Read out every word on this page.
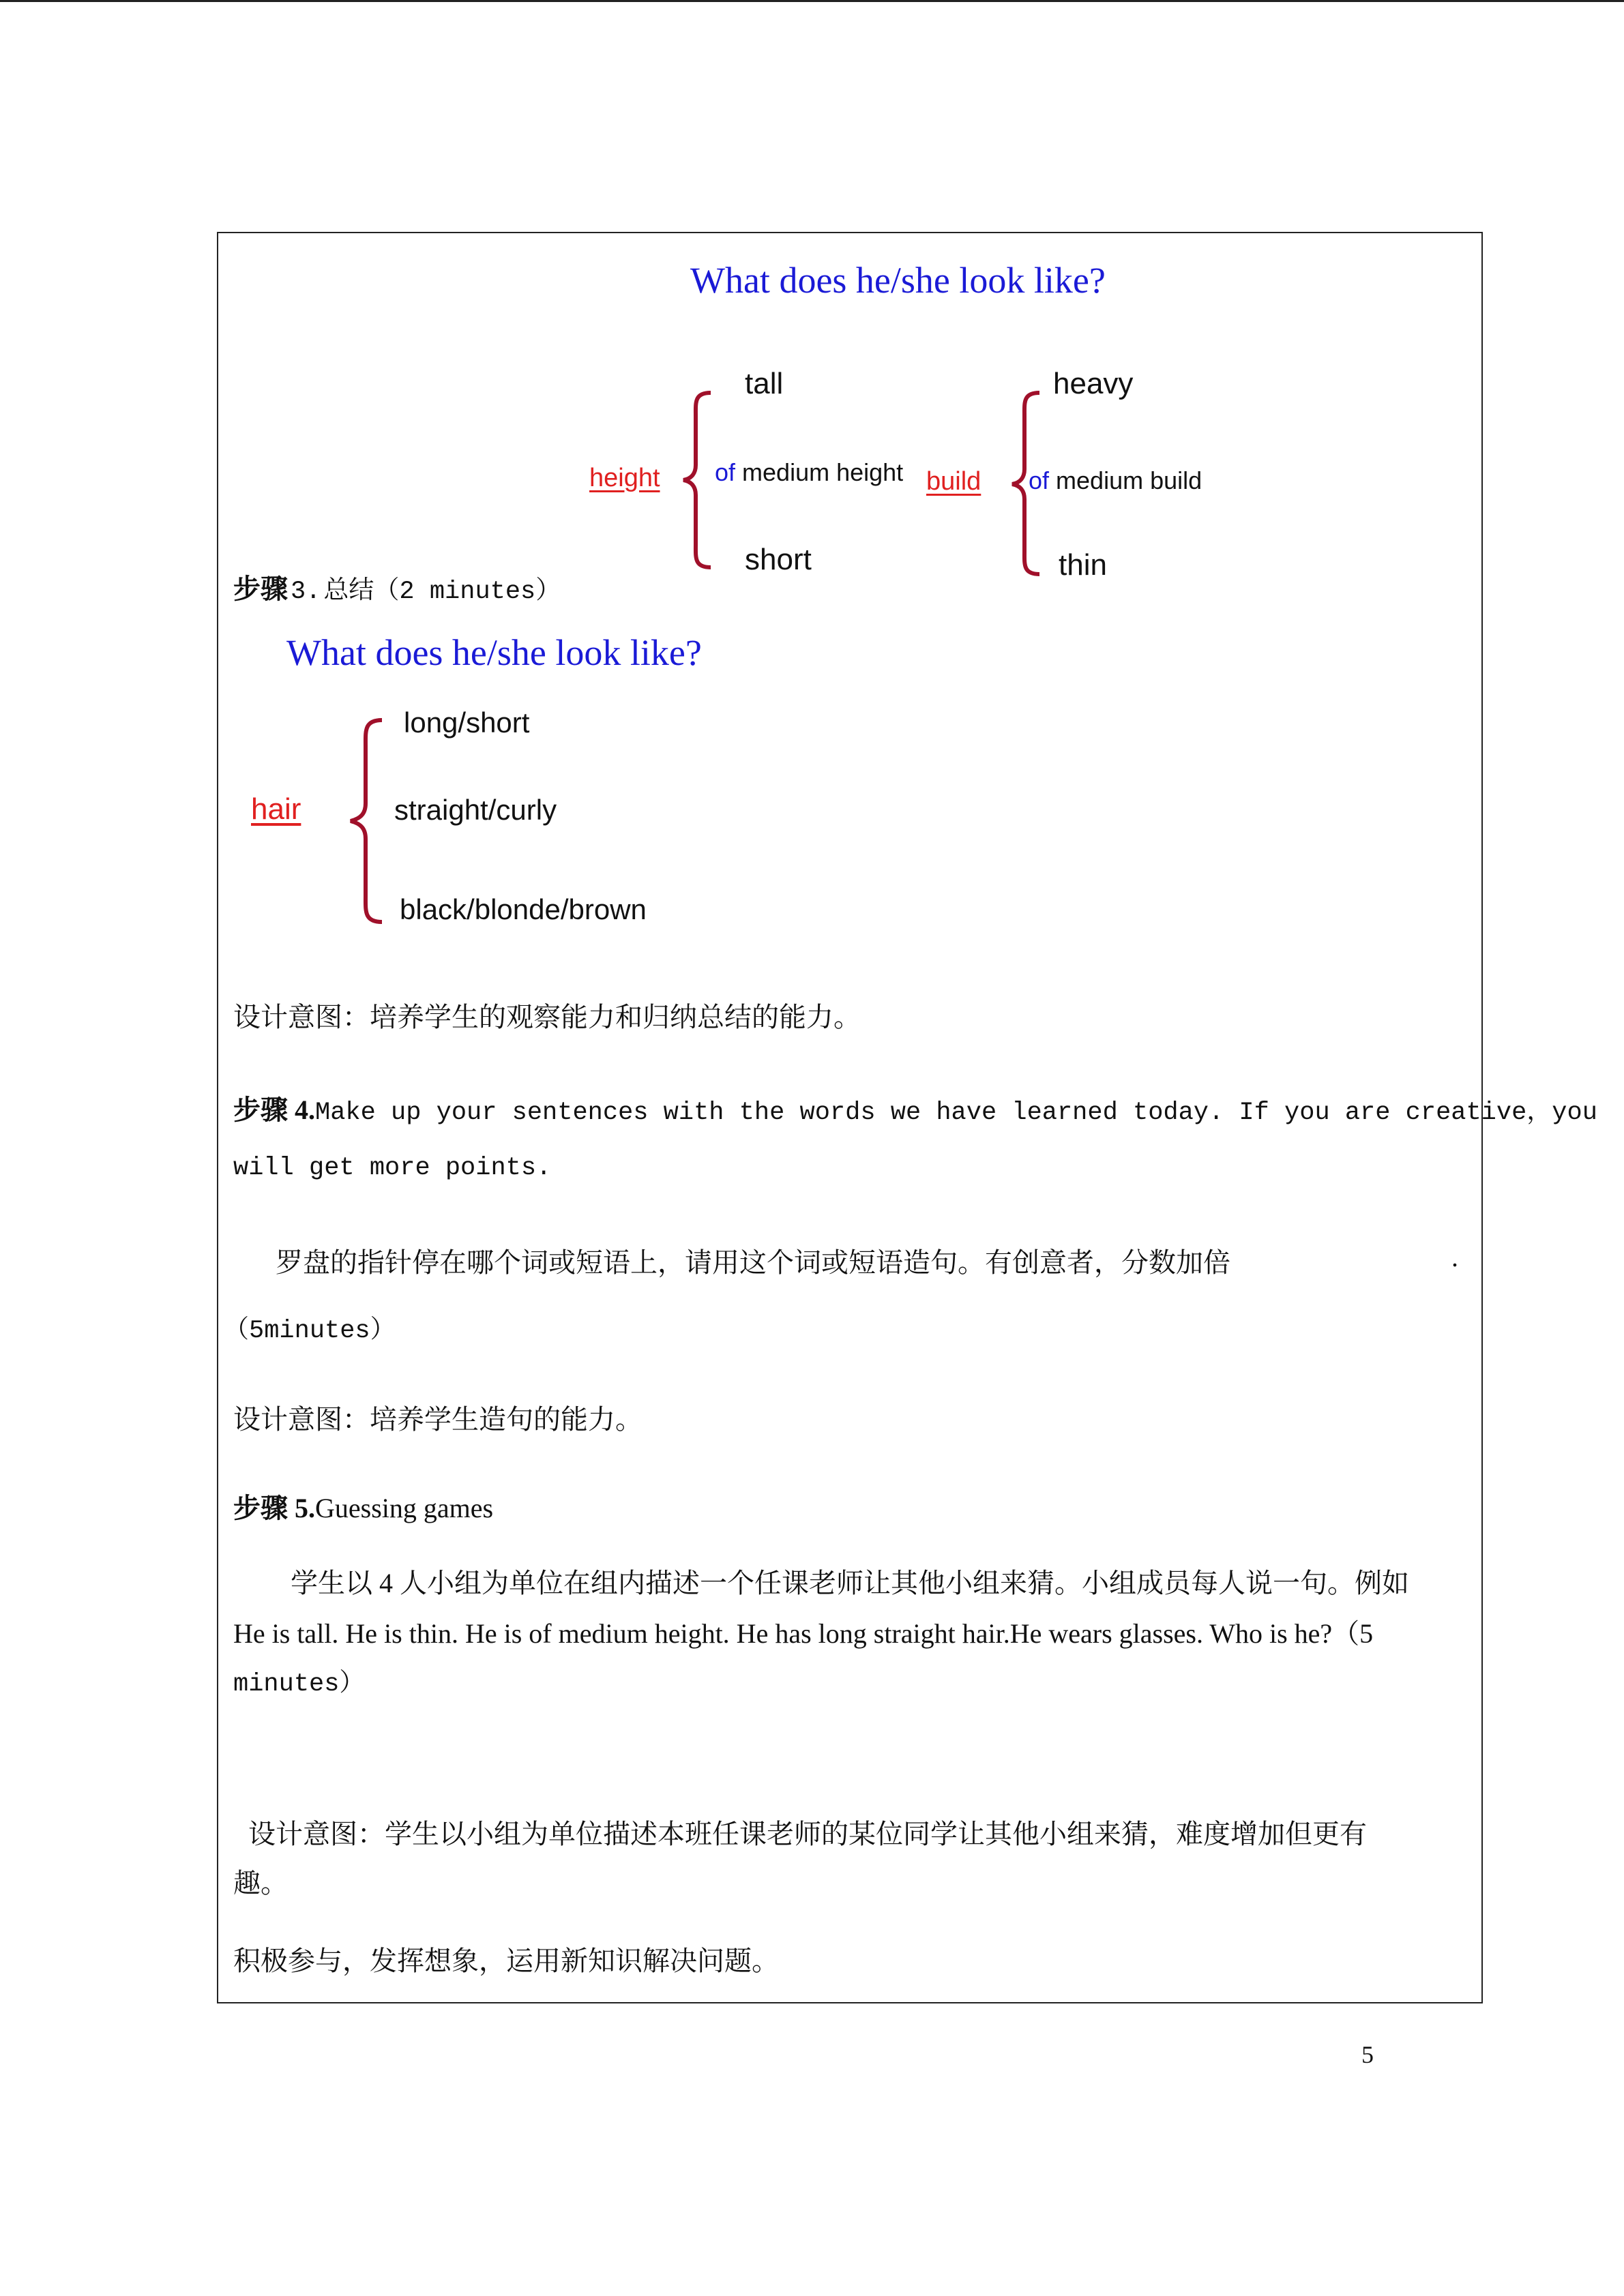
What does he/she look like?
height
tall
of medium height
short
build
heavy
of medium build
thin
步骤 3. 总结（2 minutes）
What does he/she look like?
hair
long/short
straight/curly
black/blonde/brown
设计意图：培养学生的观察能力和归纳总结的能力。
步骤 4.Make up your sentences with the words we have learned today. If you are creative，you
will get more points.
罗盘的指针停在哪个词或短语上，请用这个词或短语造句。有创意者，分数加倍	.
（5minutes）
设计意图：培养学生造句的能力。
步骤 5.Guessing games
学生以 4 人小组为单位在组内描述一个任课老师让其他小组来猜。小组成员每人说一句。例如
He is tall. He is thin. He is of medium height. He has long straight hair.He wears glasses. Who is he?（5
minutes）
设计意图：学生以小组为单位描述本班任课老师的某位同学让其他小组来猜，难度增加但更有
趣。
积极参与，发挥想象，运用新知识解决问题。
5
